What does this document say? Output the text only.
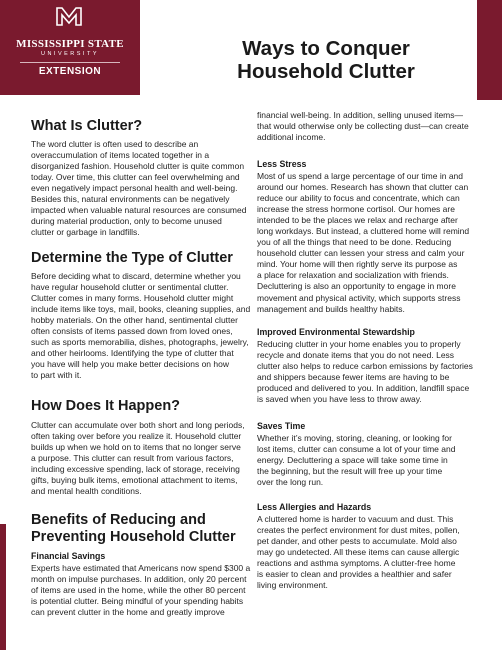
MISSISSIPPI STATE
UNIVERSITY
EXTENSION
Ways to Conquer
Household Clutter
What Is Clutter?
The word clutter is often used to describe an
overaccumulation of items located together in a
disorganized fashion. Household clutter is quite common
today. Over time, this clutter can feel overwhelming and
even negatively impact personal health and well-being.
Besides this, natural environments can be negatively
impacted when valuable natural resources are consumed
during material production, only to become unused
clutter or garbage in landfills.
Determine the Type of Clutter
Before deciding what to discard, determine whether you
have regular household clutter or sentimental clutter.
Clutter comes in many forms. Household clutter might
include items like toys, mail, books, cleaning supplies, and
hobby materials. On the other hand, sentimental clutter
often consists of items passed down from loved ones,
such as sports memorabilia, dishes, photographs, jewelry,
and other heirlooms. Identifying the type of clutter that
you have will help you make better decisions on how
to part with it.
How Does It Happen?
Clutter can accumulate over both short and long periods,
often taking over before you realize it. Household clutter
builds up when we hold on to items that no longer serve
a purpose. This clutter can result from various factors,
including excessive spending, lack of storage, receiving
gifts, buying bulk items, emotional attachment to items,
and mental health conditions.
Benefits of Reducing and
Preventing Household Clutter
Financial Savings
Experts have estimated that Americans now spend $300 a
month on impulse purchases. In addition, only 20 percent
of items are used in the home, while the other 80 percent
is potential clutter. Being mindful of your spending habits
can prevent clutter in the home and greatly improve
financial well-being. In addition, selling unused items—
that would otherwise only be collecting dust—can create
additional income.
Less Stress
Most of us spend a large percentage of our time in and
around our homes. Research has shown that clutter can
reduce our ability to focus and concentrate, which can
increase the stress hormone cortisol. Our homes are
intended to be the places we relax and recharge after
long workdays. But instead, a cluttered home will remind
you of all the things that need to be done. Reducing
household clutter can lessen your stress and calm your
mind. Your home will then rightly serve its purpose as
a place for relaxation and socialization with friends.
Decluttering is also an opportunity to engage in more
movement and physical activity, which supports stress
management and builds healthy habits.
Improved Environmental Stewardship
Reducing clutter in your home enables you to properly
recycle and donate items that you do not need. Less
clutter also helps to reduce carbon emissions by factories
and shippers because fewer items are having to be
produced and delivered to you. In addition, landfill space
is saved when you have less to throw away.
Saves Time
Whether it’s moving, storing, cleaning, or looking for
lost items, clutter can consume a lot of your time and
energy. Decluttering a space will take some time in
the beginning, but the result will free up your time
over the long run.
Less Allergies and Hazards
A cluttered home is harder to vacuum and dust. This
creates the perfect environment for dust mites, pollen,
pet dander, and other pests to accumulate. Mold also
may go undetected. All these items can cause allergic
reactions and asthma symptoms. A clutter-free home
is easier to clean and provides a healthier and safer
living environment.
